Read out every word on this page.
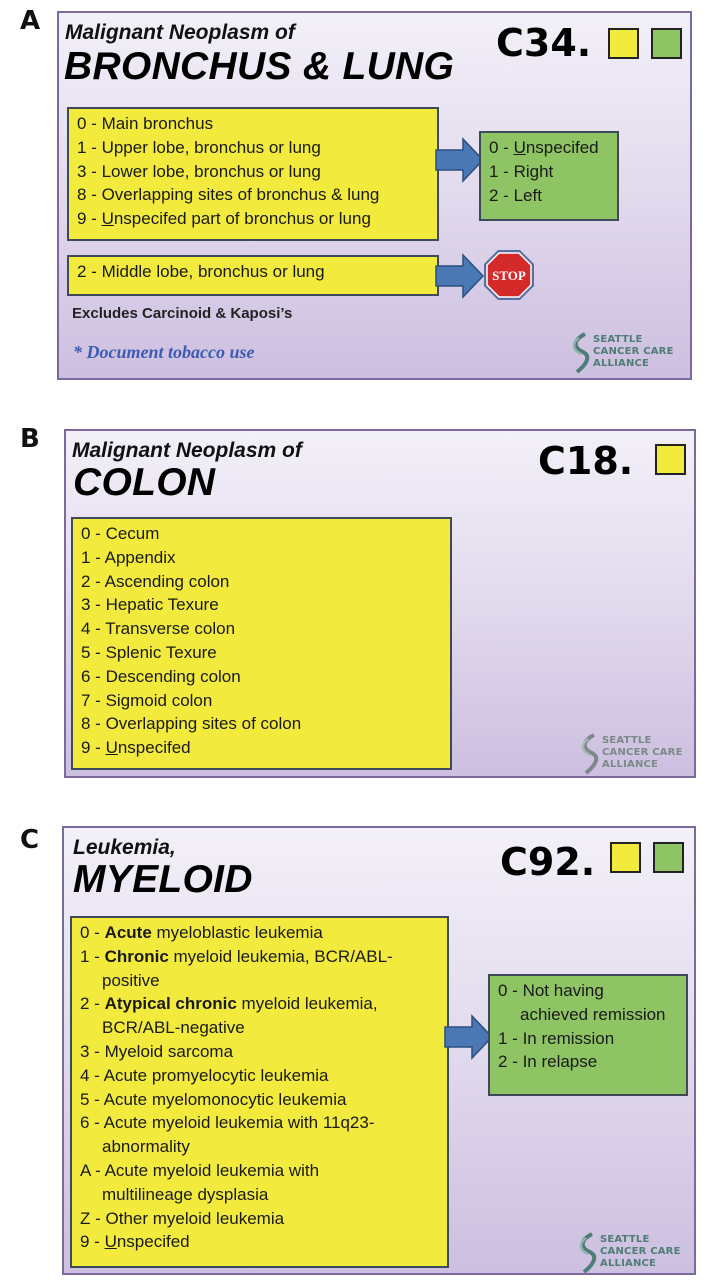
A Malignant Neoplasm of
BRONCHUS & LUNG
C34.
0 - Main bronchus
1 - Upper lobe, bronchus or lung
3 - Lower lobe, bronchus or lung
8 - Overlapping sites of bronchus & lung
9 - Unspecifed part of bronchus or lung
0 - Unspecifed
1 - Right
2 - Left
2 - Middle lobe, bronchus or lung	STOP
Excludes Carcinoid & Kaposi’s
* Document tobacco use
SEATTLE
CANCER CARE
ALLIANCE
B Malignant Neoplasm of
COLON	C18.
0 - Cecum
1 - Appendix
2 - Ascending colon
3 - Hepatic Texure
4 - Transverse colon
5 - Splenic Texure
6 - Descending colon
7 - Sigmoid colon
8 - Overlapping sites of colon
9 - Unspecifed	SEATTLE
CANCER CARE
ALLIANCE
C Leukemia,
MYELOID	C92.
0 - Acute myeloblastic leukemia
1 - Chronic myeloid leukemia, BCR/ABL-
positive
2 - Atypical chronic myeloid leukemia,
BCR/ABL-negative
3 - Myeloid sarcoma
4 - Acute promyelocytic leukemia
5 - Acute myelomonocytic leukemia
6 - Acute myeloid leukemia with 11q23-
abnormality
A - Acute myeloid leukemia with
multilineage dysplasia
Z - Other myeloid leukemia
9 - Unspecifed
0 - Not having
achieved remission
1 - In remission
2 - In relapse
SEATTLE
CANCER CARE
ALLIANCE
